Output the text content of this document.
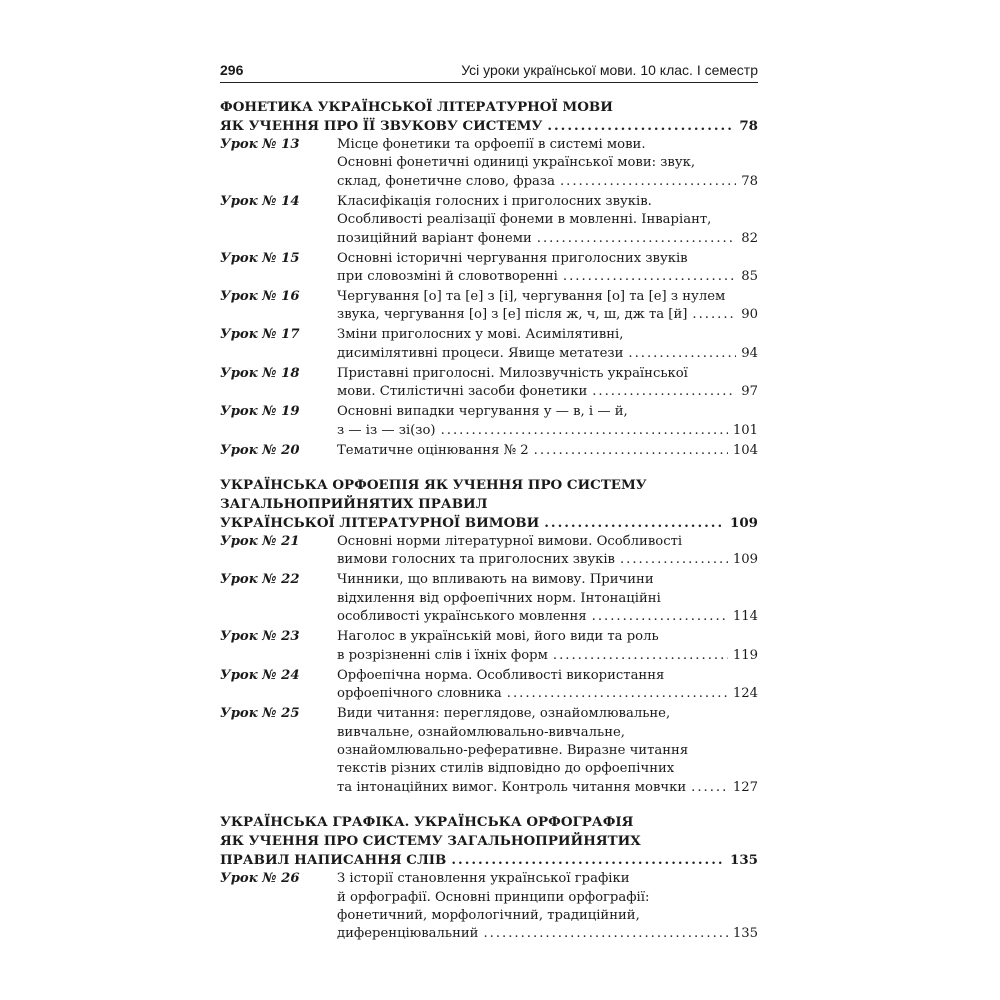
296	Усі уроки української мови. 10 клас. І семестр
ФОНЕТИКА УКРАЇНСЬКОЇ ЛІТЕРАТУРНОЇ МОВИ
ЯК УЧЕННЯ ПРО ЇЇ ЗВУКОВУ СИСТЕМУ .....	78
Урок № 13	Місце фонетики та орфоепії в системі мови.
Основні фонетичні одиниці української мови: звук,
склад, фонетичне слово, фраза .....	78
Урок № 14	Класифікація голосних і приголосних звуків.
Особливості реалізації фонеми в мовленні. Інваріант,
позиційний варіант фонеми .....	82
Урок № 15	Основні історичні чергування приголосних звуків
при словозміні й словотворенні .....	85
Урок № 16	Чергування [о] та [е] з [і], чергування [о] та [е] з нулем
звука, чергування [о] з [е] після ж, ч, ш, дж та [й] .....	90
Урок № 17	Зміни приголосних у мові. Асимілятивні,
дисимілятивні процеси. Явище метатези .....	94
Урок № 18	Приставні приголосні. Милозвучність української
мови. Стилістичні засоби фонетики .....	97
Урок № 19	Основні випадки чергування у — в, і — й,
з — із — зі(зо) .....	101
Урок № 20	Тематичне оцінювання № 2 .....	104
УКРАЇНСЬКА ОРФОЕПІЯ ЯК УЧЕННЯ ПРО СИСТЕМУ
ЗАГАЛЬНОПРИЙНЯТИХ ПРАВИЛ
УКРАЇНСЬКОЇ ЛІТЕРАТУРНОЇ ВИМОВИ .....	109
Урок № 21	Основні норми літературної вимови. Особливості
вимови голосних та приголосних звуків .....	109
Урок № 22	Чинники, що впливають на вимову. Причини
відхилення від орфоепічних норм. Інтонаційні
особливості українського мовлення .....	114
Урок № 23	Наголос в українській мові, його види та роль
в розрізненні слів і їхніх форм .....	119
Урок № 24	Орфоепічна норма. Особливості використання
орфоепічного словника .....	124
Урок № 25	Види читання: переглядове, ознайомлювальне,
вивчальне, ознайомлювально-вивчальне,
ознайомлювально-реферативне. Виразне читання
текстів різних стилів відповідно до орфоепічних
та інтонаційних вимог. Контроль читання мовчки .....	127
УКРАЇНСЬКА ГРАФІКА. УКРАЇНСЬКА ОРФОГРАФІЯ
ЯК УЧЕННЯ ПРО СИСТЕМУ ЗАГАЛЬНОПРИЙНЯТИХ
ПРАВИЛ НАПИСАННЯ СЛІВ .....	135
Урок № 26	З історії становлення української графіки
й орфографії. Основні принципи орфографії:
фонетичний, морфологічний, традиційний,
диференціювальний .....	135
